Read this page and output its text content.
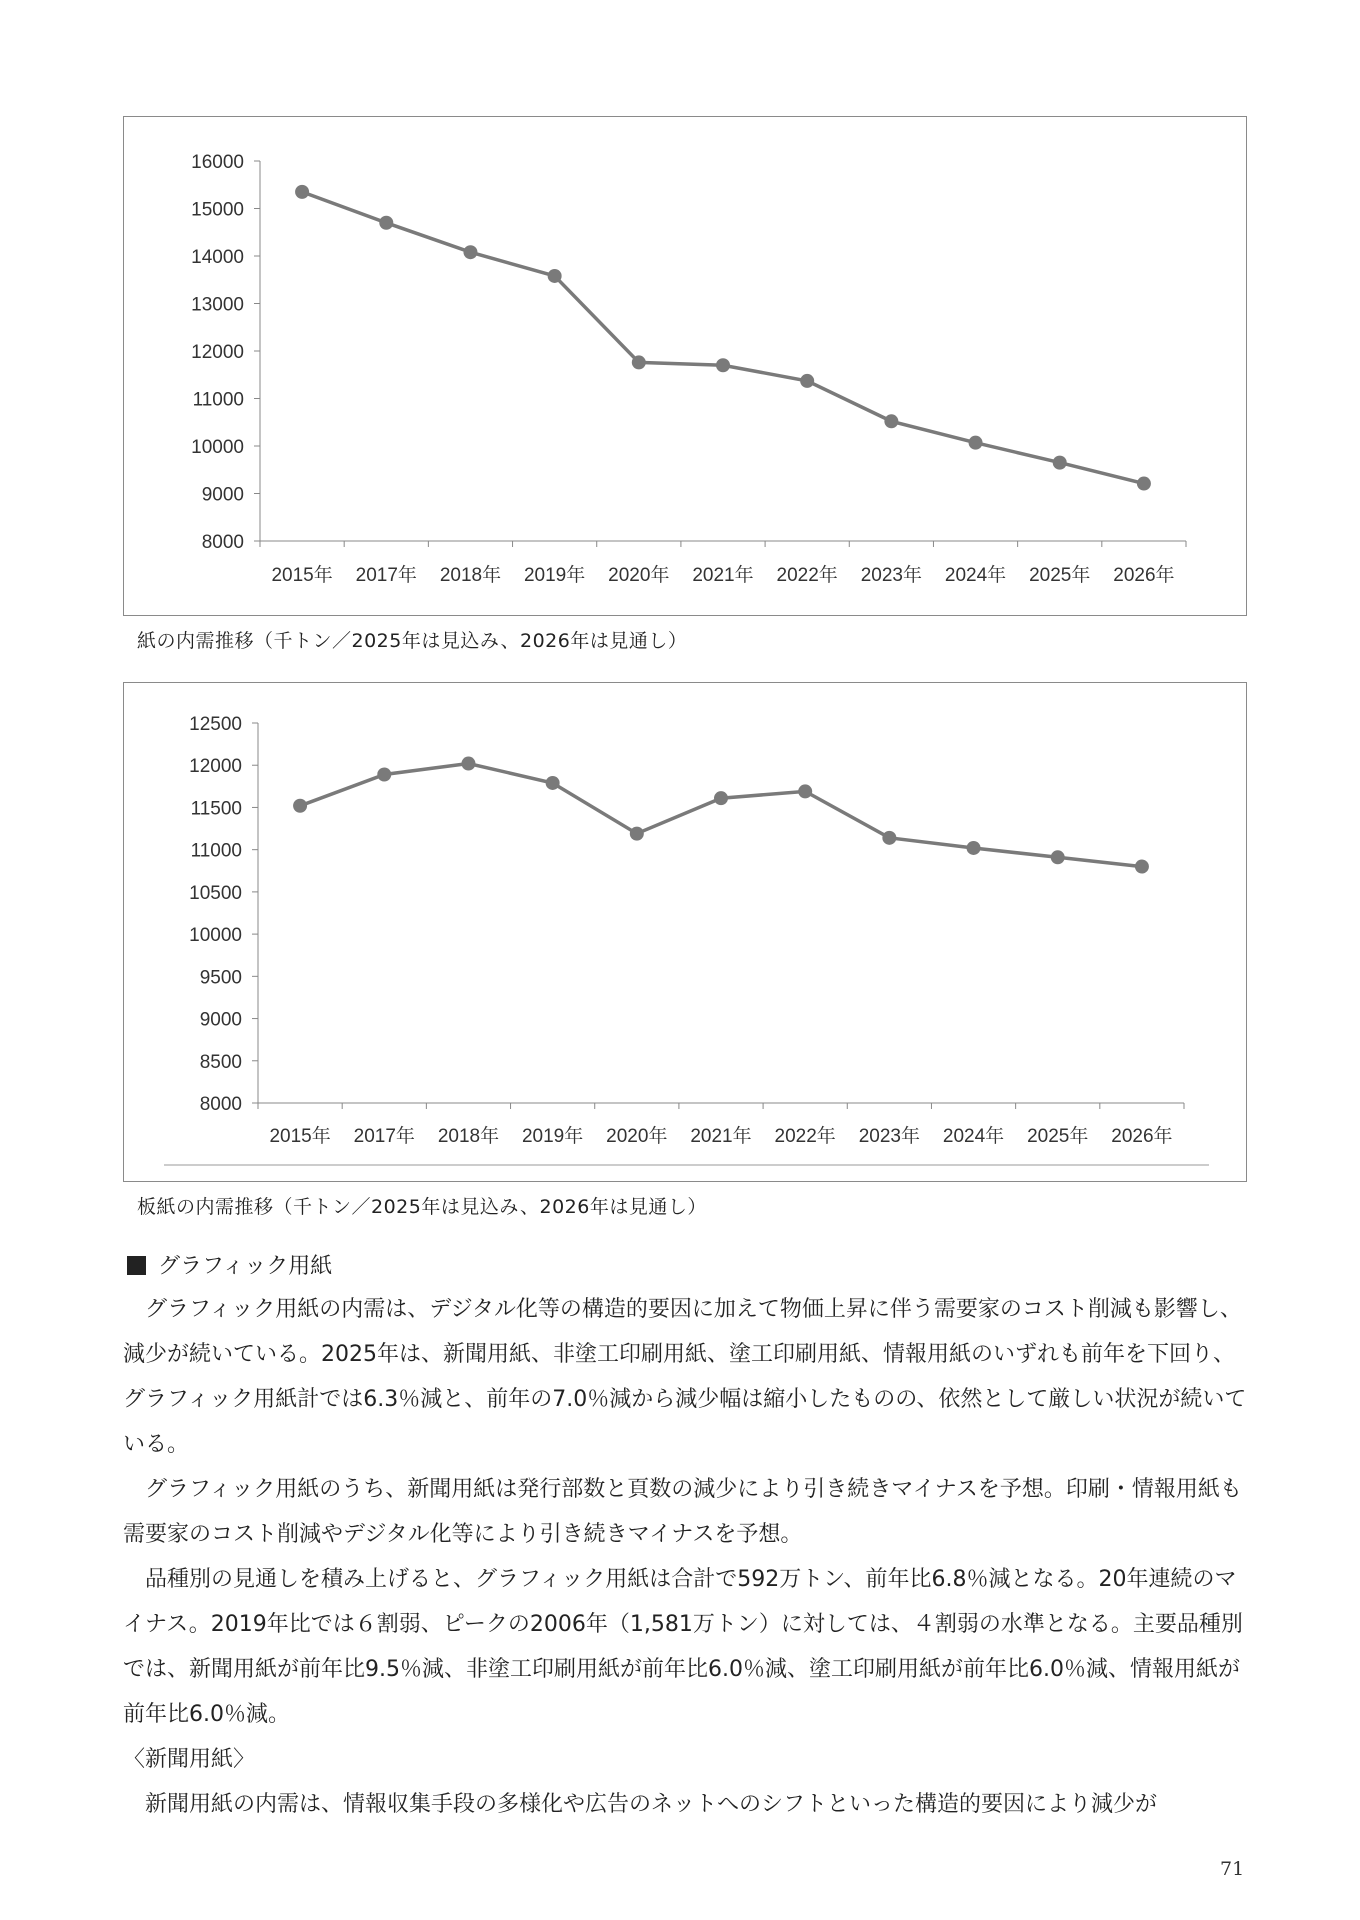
8000
9000
10000
11000
12000
13000
14000
15000
16000
2015年 2017年 2018年 2019年 2020年 2021年 2022年 2023年 2024年 2025年 2026年
紙の内需推移（千トン／2025年は見込み、2026年は見通し）
8000
8500
9000
9500
10000
10500
11000
11500
12000
12500
2015年 2017年 2018年 2019年 2020年 2021年 2022年 2023年 2024年 2025年 2026年
板紙の内需推移（千トン／2025年は見込み、2026年は見通し）
グラフィック用紙

グラフィック用紙の内需は、デジタル化等の構造的要因に加えて物価上昇に伴う需要家のコスト削減も影響し、減少が続いている。2025年は、新聞用紙、非塗工印刷用紙、塗工印刷用紙、情報用紙のいずれも前年を下回り、グラフィック用紙計では6.3％減と、前年の7.0％減から減少幅は縮小したものの、依然として厳しい状況が続いている。

グラフィック用紙のうち、新聞用紙は発行部数と頁数の減少により引き続きマイナスを予想。印刷・情報用紙も需要家のコスト削減やデジタル化等により引き続きマイナスを予想。

品種別の見通しを積み上げると、グラフィック用紙は合計で592万トン、前年比6.8％減となる。20年連続のマイナス。2019年比では６割弱、ピークの2006年（1,581万トン）に対しては、４割弱の水準となる。主要品種別では、新聞用紙が前年比9.5％減、非塗工印刷用紙が前年比6.0％減、塗工印刷用紙が前年比6.0％減、情報用紙が前年比6.0％減。

〈新聞用紙〉

新聞用紙の内需は、情報収集手段の多様化や広告のネットへのシフトといった構造的要因により減少が

71
